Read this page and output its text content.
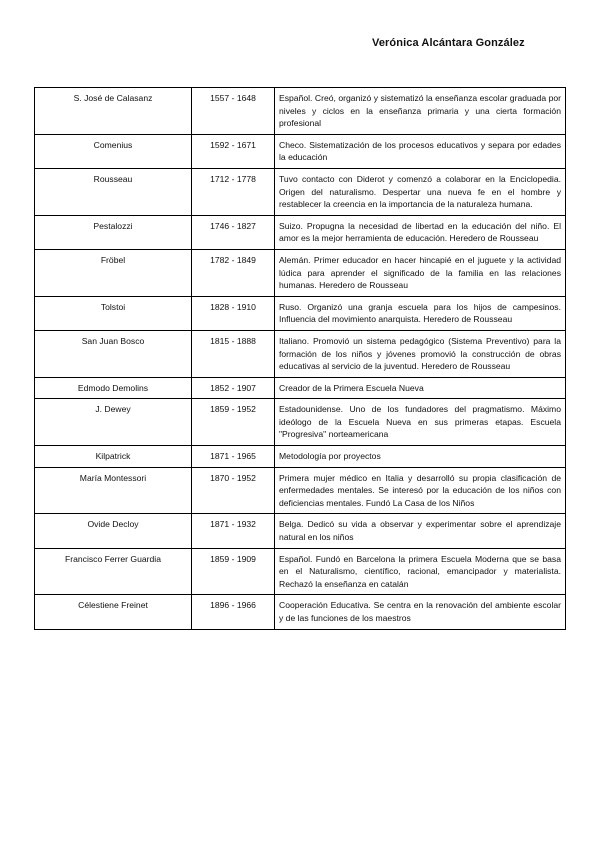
Verónica Alcántara González
S. José de Calasanz	1557 - 1648	Español. Creó, organizó y sistematizó la enseñanza escolar graduada por niveles y ciclos en la enseñanza primaria y una cierta formación profesional
Comenius	1592 - 1671	Checo. Sistematización de los procesos educativos y separa por edades la educación
Rousseau	1712 - 1778	Tuvo contacto con Diderot y comenzó a colaborar en la Enciclopedia. Origen del naturalismo. Despertar una nueva fe en el hombre y restablecer la creencia en la importancia de la naturaleza humana.
Pestalozzi	1746 - 1827	Suizo. Propugna la necesidad de libertad en la educación del niño. El amor es la mejor herramienta de educación. Heredero de Rousseau
Fröbel	1782 - 1849	Alemán. Primer educador en hacer hincapié en el juguete y la actividad lúdica para aprender el significado de la familia en las relaciones humanas. Heredero de Rousseau
Tolstoi	1828 - 1910	Ruso. Organizó una granja escuela para los hijos de campesinos. Influencia del movimiento anarquista. Heredero de Rousseau
San Juan Bosco	1815 - 1888	Italiano. Promovió un sistema pedagógico (Sistema Preventivo) para la formación de los niños y jóvenes promovió la construcción de obras educativas al servicio de la juventud. Heredero de Rousseau
Edmodo Demolins	1852 - 1907	Creador de la Primera Escuela Nueva
J. Dewey	1859 - 1952	Estadounidense. Uno de los fundadores del pragmatismo. Máximo ideólogo de la Escuela Nueva en sus primeras etapas. Escuela "Progresiva" norteamericana
Kilpatrick	1871 - 1965	Metodología por proyectos
María Montessori	1870 - 1952	Primera mujer médico en Italia y desarrolló su propia clasificación de enfermedades mentales. Se interesó por la educación de los niños con deficiencias mentales. Fundó La Casa de los Niños
Ovide Decloy	1871 - 1932	Belga. Dedicó su vida a observar y experimentar sobre el aprendizaje natural en los niños
Francisco Ferrer Guardia	1859 - 1909	Español. Fundó en Barcelona la primera Escuela Moderna que se basa en el Naturalismo, científico, racional, emancipador y materialista. Rechazó la enseñanza en catalán
Célestiene Freinet	1896 - 1966	Cooperación Educativa. Se centra en la renovación del ambiente escolar y de las funciones de los maestros
